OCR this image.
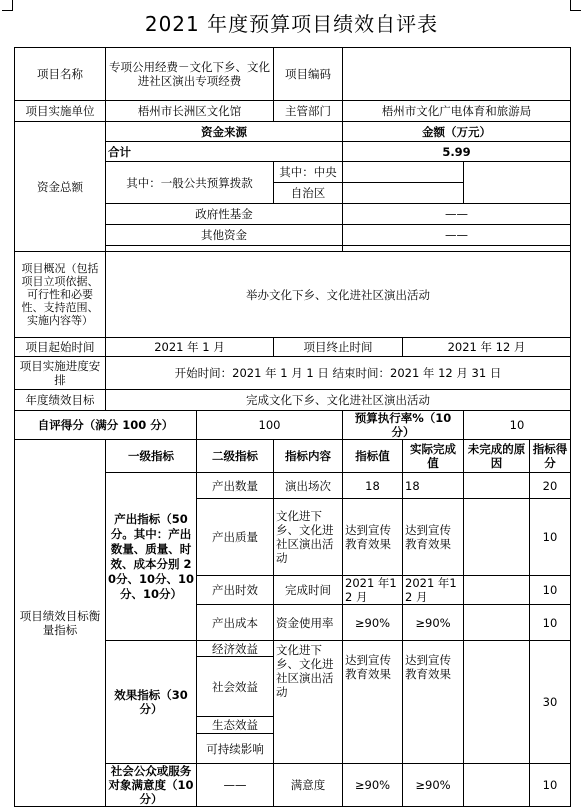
2021 年度预算项目绩效自评表
项目名称	专项公用经费－文化下乡、文化进社区演出专项经费		项目编码				
项目实施单位	梧州市长洲区文化馆		主管部门	梧州市文化广电体育和旅游局			
资金总额	资金来源			金额（万元）			
	合计			5.99			
	其中：一般公共预算拨款		其中：中央				
			自治区				
	政府性基金			——			
	其他资金			——			

项目概况（包括项目立项依据、可行性和必要性、支持范围、实施内容等）	举办文化下乡、文化进社区演出活动						
项目起始时间	2021 年 1 月		项目终止时间		2021 年 12 月		
项目实施进度安排	开始时间：2021 年 1 月 1 日 结束时间：2021 年 12 月 31 日						
年度绩效目标	完成文化下乡、文化进社区演出活动						
自评得分（满分 100 分）		100		预算执行率%（10 分）		10	
项目绩效目标衡量指标	一级指标	二级指标	指标内容	指标值	实际完成值	未完成的原因	指标得分
	产出指标（50分。其中：产出数量、质量、时效、成本分别 20分、10分、10分、10分）	产出数量	演出场次	18	18		20
		产出质量	文化进下乡、文化进社区演出活动	达到宣传教育效果	达到宣传教育效果		10
		产出时效	完成时间	2021 年12 月	2021 年12 月		10
		产出成本	资金使用率	≥90%	≥90%		10
	效果指标（30分）	经济效益	文化进下乡、文化进社区演出活动	达到宣传教育效果	达到宣传教育效果		30
		社会效益					
		生态效益					
		可持续影响					
	社会公众或服务对象满意度（10分）	——	满意度	≥90%	≥90%		10
